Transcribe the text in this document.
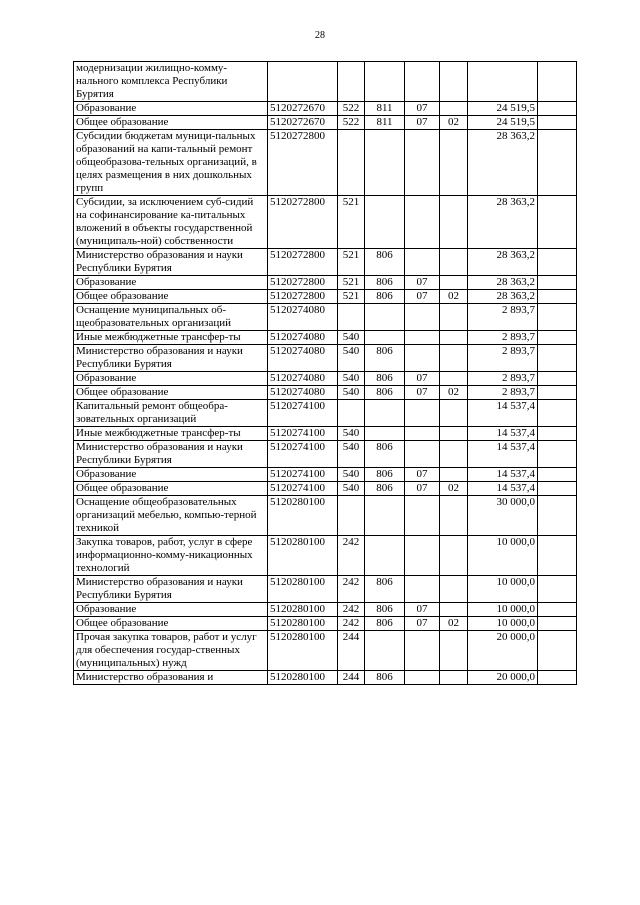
28
модернизации жилищно-комму-нального комплекса Республики Бурятия							
Образование	5120272670	522	811	07		24 519,5	
Общее образование	5120272670	522	811	07	02	24 519,5	
Субсидии бюджетам муници-пальных образований на капи-тальный ремонт общеобразова-тельных организаций, в целях размещения в них дошкольных групп	5120272800					28 363,2	
Субсидии, за исключением суб-сидий на софинансирование ка-питальных вложений в объекты государственной (муниципаль-ной) собственности	5120272800	521				28 363,2	
Министерство образования и науки Республики Бурятия	5120272800	521	806			28 363,2	
Образование	5120272800	521	806	07		28 363,2	
Общее образование	5120272800	521	806	07	02	28 363,2	
Оснащение муниципальных об-щеобразовательных организаций	5120274080					2 893,7	
Иные межбюджетные трансфер-ты	5120274080	540				2 893,7	
Министерство образования и науки Республики Бурятия	5120274080	540	806			2 893,7	
Образование	5120274080	540	806	07		2 893,7	
Общее образование	5120274080	540	806	07	02	2 893,7	
Капитальный ремонт общеобра-зовательных организаций	5120274100					14 537,4	
Иные межбюджетные трансфер-ты	5120274100	540				14 537,4	
Министерство образования и науки Республики Бурятия	5120274100	540	806			14 537,4	
Образование	5120274100	540	806	07		14 537,4	
Общее образование	5120274100	540	806	07	02	14 537,4	
Оснащение общеобразовательных организаций мебелью, компью-терной техникой	5120280100					30 000,0	
Закупка товаров, работ, услуг в сфере информационно-комму-никационных технологий	5120280100	242				10 000,0	
Министерство образования и науки Республики Бурятия	5120280100	242	806			10 000,0	
Образование	5120280100	242	806	07		10 000,0	
Общее образование	5120280100	242	806	07	02	10 000,0	
Прочая закупка товаров, работ и услуг для обеспечения государ-ственных (муниципальных) нужд	5120280100	244				20 000,0	
Министерство образования и	5120280100	244	806			20 000,0	
